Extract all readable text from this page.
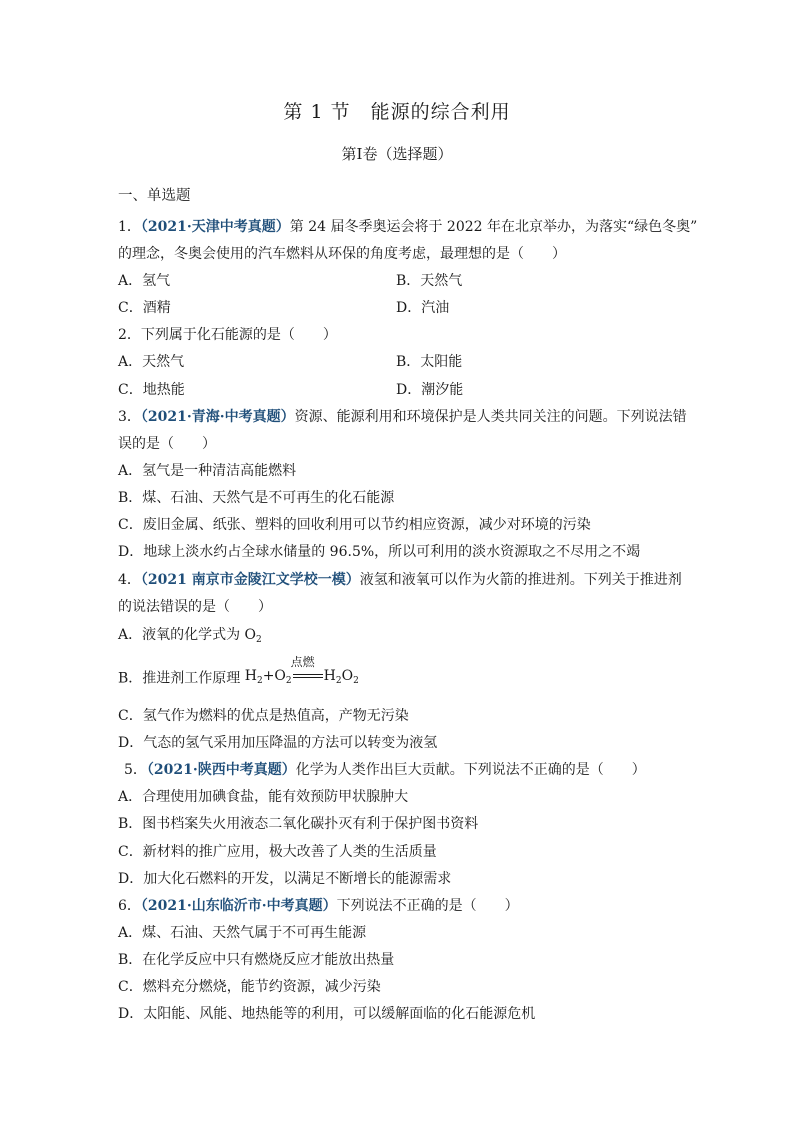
第 1 节　能源的综合利用
第Ⅰ卷（选择题）
一、单选题
1．（2021·天津中考真题）第 24 届冬季奥运会将于 2022 年在北京举办，为落实“绿色冬奥”
的理念，冬奥会使用的汽车燃料从环保的角度考虑，最理想的是（　　）
A．氢气	B．天然气
C．酒精	D．汽油
2．下列属于化石能源的是（　　）
A．天然气	B．太阳能
C．地热能	D．潮汐能
3．（2021·青海·中考真题）资源、能源利用和环境保护是人类共同关注的问题。下列说法错
误的是（　　）
A．氢气是一种清洁高能燃料
B．煤、石油、天然气是不可再生的化石能源
C．废旧金属、纸张、塑料的回收利用可以节约相应资源，减少对环境的污染
D．地球上淡水约占全球水储量的 96.5%，所以可利用的淡水资源取之不尽用之不竭
4．（2021 南京市金陵江文学校一模）液氢和液氧可以作为火箭的推进剂。下列关于推进剂
的说法错误的是（　　）
A．液氧的化学式为 $O_2$
B．推进剂工作原理 $H_2+O_2$
点燃
$H_2O_2$
C．氢气作为燃料的优点是热值高，产物无污染
D．气态的氢气采用加压降温的方法可以转变为液氢
5．（2021·陕西中考真题）化学为人类作出巨大贡献。下列说法不正确的是（　　）
A．合理使用加碘食盐，能有效预防甲状腺肿大
B．图书档案失火用液态二氧化碳扑灭有利于保护图书资料
C．新材料的推广应用，极大改善了人类的生活质量
D．加大化石燃料的开发，以满足不断增长的能源需求
6．（2021·山东临沂市·中考真题）下列说法不正确的是（　　）
A．煤、石油、天然气属于不可再生能源
B．在化学反应中只有燃烧反应才能放出热量
C．燃料充分燃烧，能节约资源，减少污染
D．太阳能、风能、地热能等的利用，可以缓解面临的化石能源危机
